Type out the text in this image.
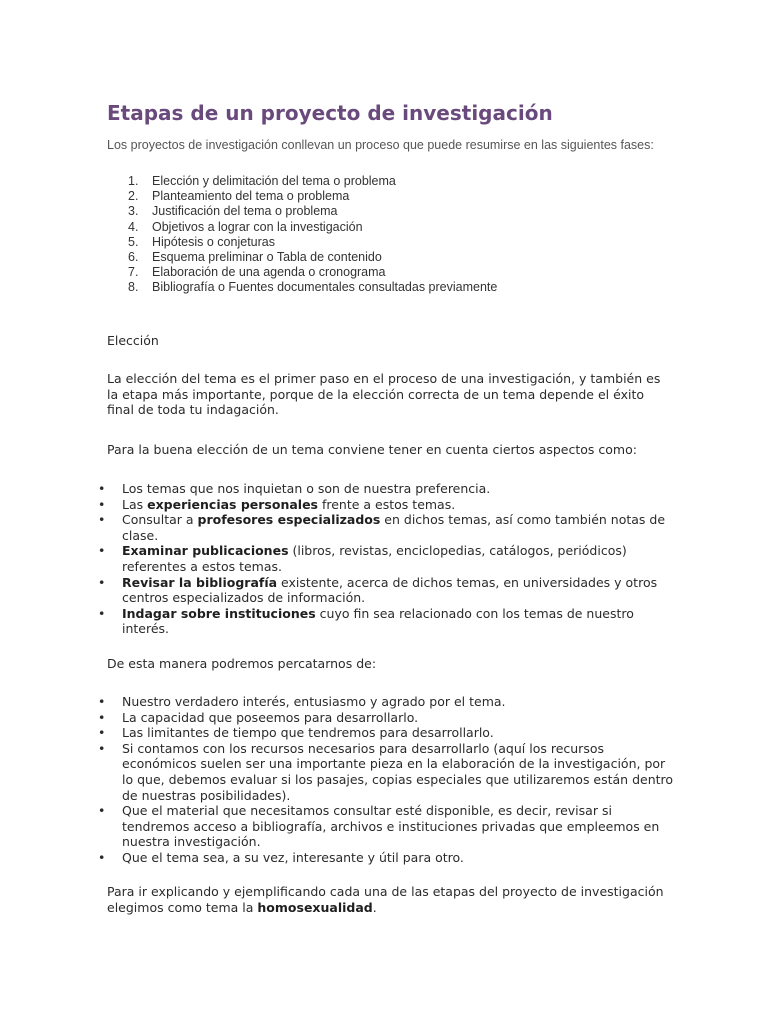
Etapas de un proyecto de investigación

Los proyectos de investigación conllevan un proceso que puede resumirse en las siguientes fases:

1.	Elección y delimitación del tema o problema
2.	Planteamiento del tema o problema
3.	Justificación del tema o problema
4.	Objetivos a lograr con la investigación
5.	Hipótesis o conjeturas
6.	Esquema preliminar o Tabla de contenido
7.	Elaboración de una agenda o cronograma
8.	Bibliografía o Fuentes documentales consultadas previamente

Elección

La elección del tema es el primer paso en el proceso de una investigación, y también es la etapa más importante, porque de la elección correcta de un tema depende el éxito final de toda tu indagación.

Para la buena elección de un tema conviene tener en cuenta ciertos aspectos como:

• Los temas que nos inquietan o son de nuestra preferencia.
• Las experiencias personales frente a estos temas.
• Consultar a profesores especializados en dichos temas, así como también notas de clase.
• Examinar publicaciones (libros, revistas, enciclopedias, catálogos, periódicos) referentes a estos temas.
• Revisar la bibliografía existente, acerca de dichos temas, en universidades y otros centros especializados de información.
• Indagar sobre instituciones cuyo fin sea relacionado con los temas de nuestro interés.

De esta manera podremos percatarnos de:

• Nuestro verdadero interés, entusiasmo y agrado por el tema.
• La capacidad que poseemos para desarrollarlo.
• Las limitantes de tiempo que tendremos para desarrollarlo.
• Si contamos con los recursos necesarios para desarrollarlo (aquí los recursos económicos suelen ser una importante pieza en la elaboración de la investigación, por lo que, debemos evaluar si los pasajes, copias especiales que utilizaremos están dentro de nuestras posibilidades).
• Que el material que necesitamos consultar esté disponible, es decir, revisar si tendremos acceso a bibliografía, archivos e instituciones privadas que empleemos en nuestra investigación.
• Que el tema sea, a su vez, interesante y útil para otro.

Para ir explicando y ejemplificando cada una de las etapas del proyecto de investigación elegimos como tema la homosexualidad.
